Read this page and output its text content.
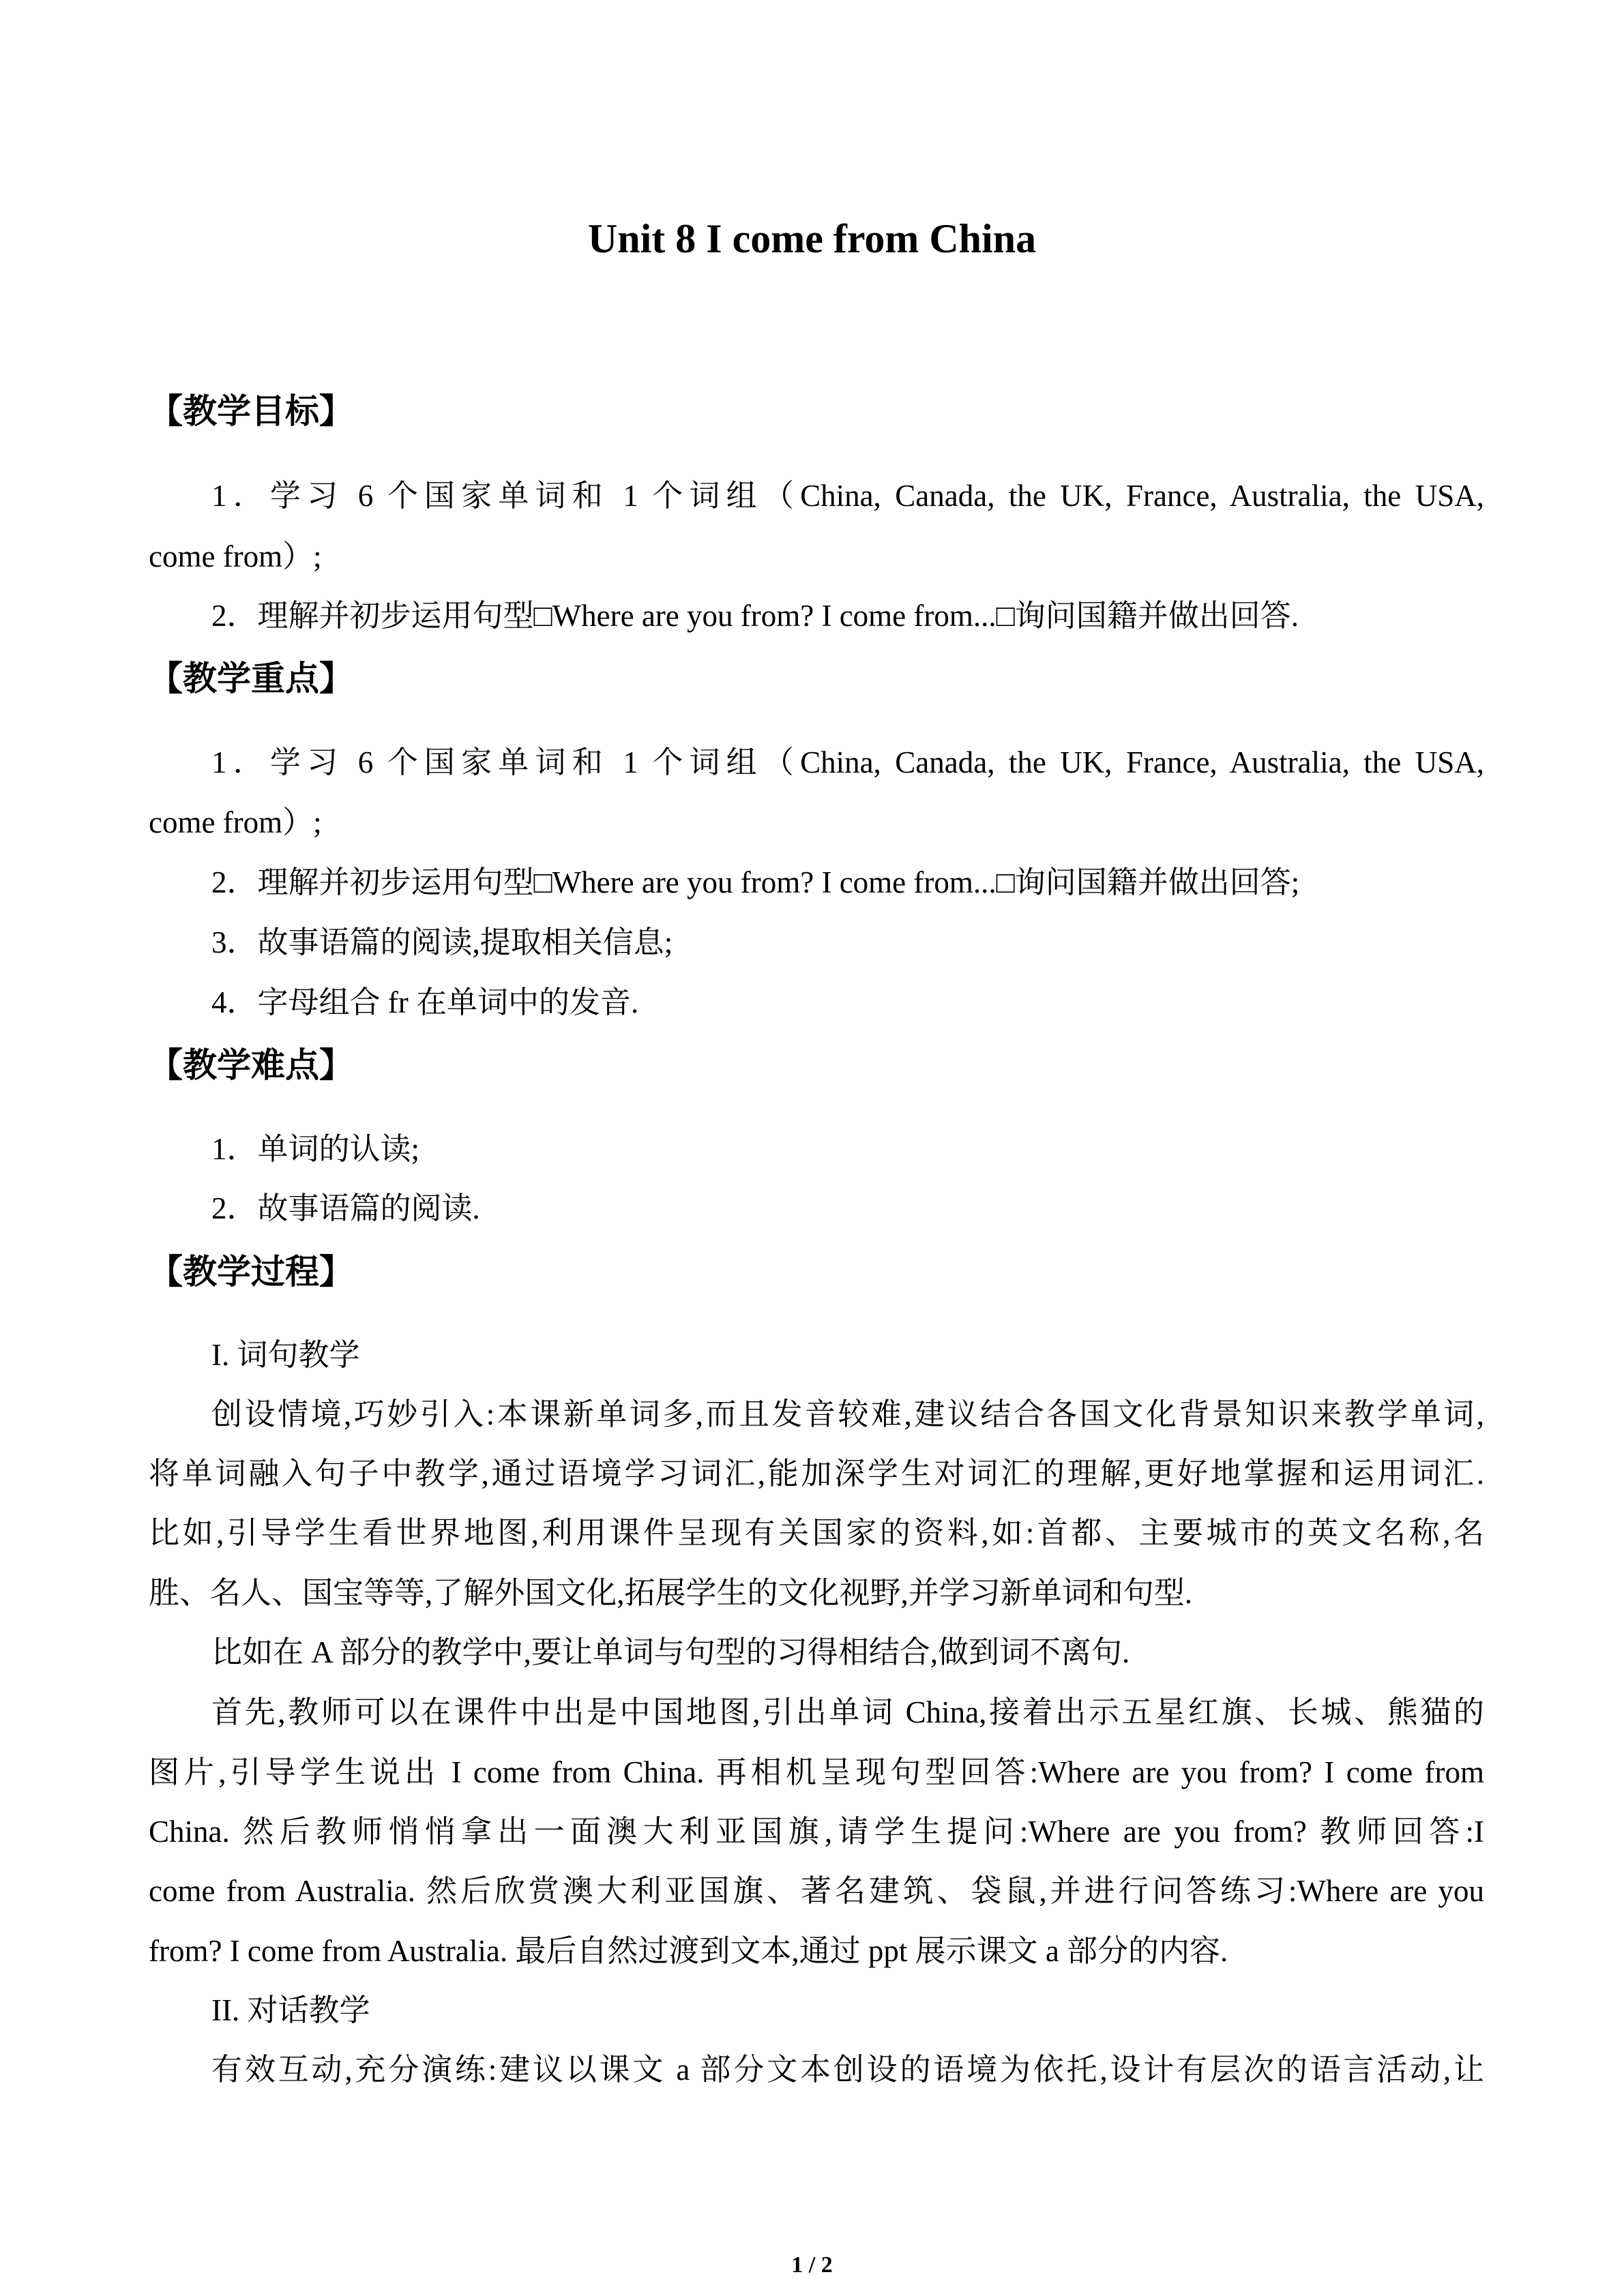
Unit 8 I come from China
【教学目标】
1．学习 6 个国家单词和 1 个词组（China, Canada, the UK, France, Australia, the USA,
come from）;
2．理解并初步运用句型□Where are you from? I come from...□询问国籍并做出回答.
【教学重点】
1．学习 6 个国家单词和 1 个词组（China, Canada, the UK, France, Australia, the USA,
come from）;
2．理解并初步运用句型□Where are you from? I come from...□询问国籍并做出回答;
3．故事语篇的阅读,提取相关信息;
4．字母组合 fr 在单词中的发音.
【教学难点】
1．单词的认读;
2．故事语篇的阅读.
【教学过程】
I. 词句教学
创设情境,巧妙引入:本课新单词多,而且发音较难,建议结合各国文化背景知识来教学单词,
将单词融入句子中教学,通过语境学习词汇,能加深学生对词汇的理解,更好地掌握和运用词汇.
比如,引导学生看世界地图,利用课件呈现有关国家的资料,如:首都、主要城市的英文名称,名
胜、名人、国宝等等,了解外国文化,拓展学生的文化视野,并学习新单词和句型.
比如在 A 部分的教学中,要让单词与句型的习得相结合,做到词不离句.
首先,教师可以在课件中出是中国地图,引出单词 China,接着出示五星红旗、长城、熊猫的
图片,引导学生说出 I come from China. 再相机呈现句型回答:Where are you from? I come from
China. 然后教师悄悄拿出一面澳大利亚国旗,请学生提问:Where are you from? 教师回答:I
come from Australia. 然后欣赏澳大利亚国旗、著名建筑、袋鼠,并进行问答练习:Where are you
from? I come from Australia. 最后自然过渡到文本,通过 ppt 展示课文 a 部分的内容.
II. 对话教学
有效互动,充分演练:建议以课文 a 部分文本创设的语境为依托,设计有层次的语言活动,让
1 / 2
